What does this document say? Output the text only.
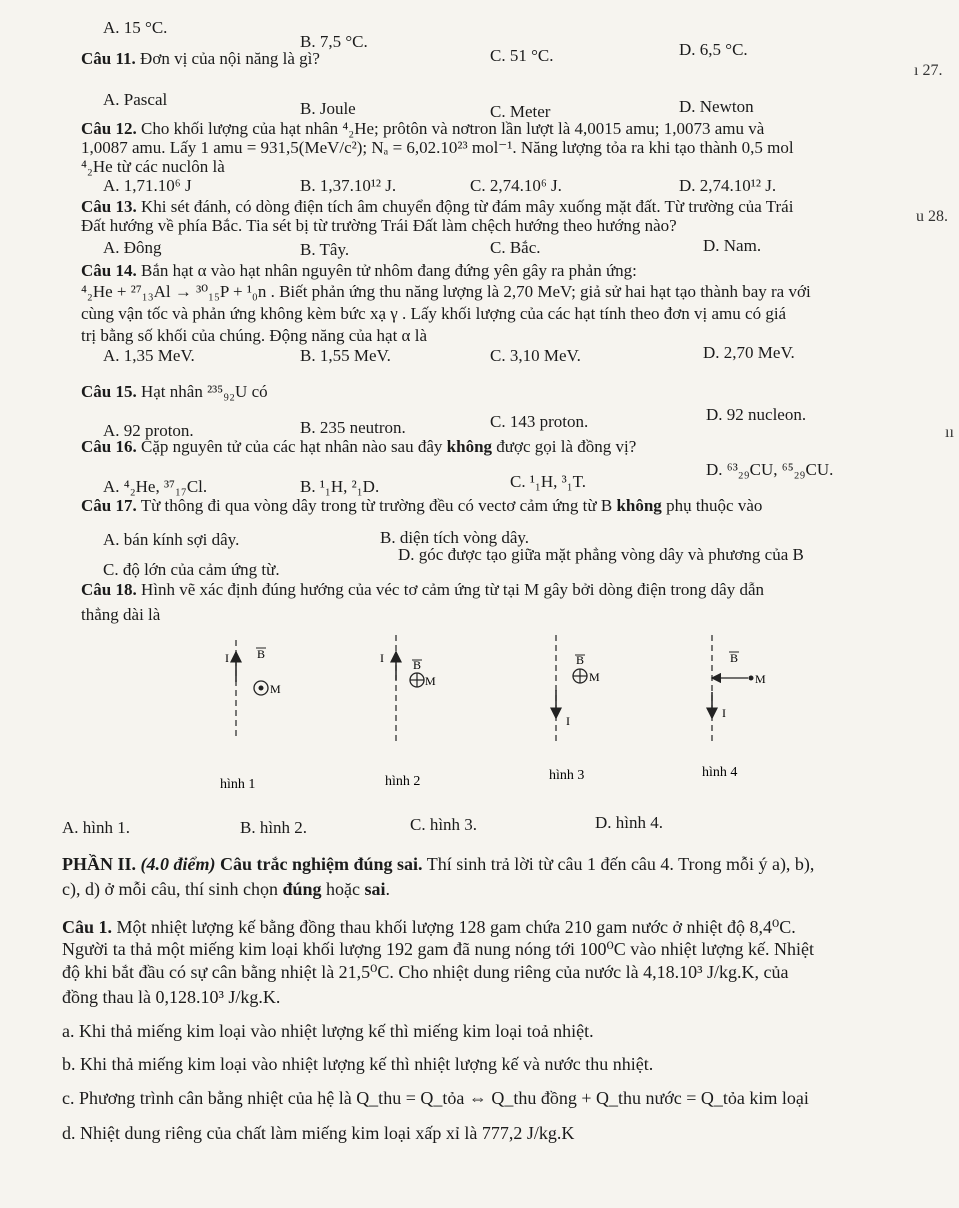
A. 15 °C.
B. 7,5 °C.
C. 51 °C.	D. 6,5 °C.
Câu 11. Đơn vị của nội năng là gì?
ı 27.
A. Pascal	B. Joule	C. Meter	D. Newton
Câu 12. Cho khối lượng của hạt nhân ⁴₂He; prôtôn và nơtron lần lượt là 4,0015 amu; 1,0073 amu và
1,0087 amu. Lấy 1 amu = 931,5(MeV/c²); Nₐ = 6,02.10²³ mol⁻¹. Năng lượng tỏa ra khi tạo thành 0,5 mol
⁴₂He từ các nuclôn là
A. 1,71.10⁶ J	B. 1,37.10¹² J.	C. 2,74.10⁶ J.	D. 2,74.10¹² J.
Câu 13. Khi sét đánh, có dòng điện tích âm chuyển động từ đám mây xuống mặt đất. Từ trường của Trái
u 28.
Đất hướng về phía Bắc. Tia sét bị từ trường Trái Đất làm chệch hướng theo hướng nào?
A. Đông	B. Tây.	C. Bắc.	D. Nam.
Câu 14. Bắn hạt α vào hạt nhân nguyên tử nhôm đang đứng yên gây ra phản ứng:
⁴₂He + ²⁷₁₃Al → ³⁰₁₅P + ¹₀n . Biết phản ứng thu năng lượng là 2,70 MeV; giả sử hai hạt tạo thành bay ra với
cùng vận tốc và phản ứng không kèm bức xạ γ . Lấy khối lượng của các hạt tính theo đơn vị amu có giá
trị bằng số khối của chúng. Động năng của hạt α là
A. 1,35 MeV.	B. 1,55 MeV.	C. 3,10 MeV.	D. 2,70 MeV.
Câu 15. Hạt nhân ²³⁵₉₂U có
A. 92 proton.	B. 235 neutron.	C. 143 proton.	D. 92 nucleon.
ıı
Câu 16. Cặp nguyên tử của các hạt nhân nào sau đây không được gọi là đồng vị?
A. ⁴₂He, ³⁷₁₇Cl.	B. ¹₁H, ²₁D.	C. ¹₁H, ³₁T.
D. ⁶³₂₉CU, ⁶⁵₂₉CU.
Câu 17. Từ thông đi qua vòng dây trong từ trường đều có vectơ cảm ứng từ B không phụ thuộc vào
A. bán kính sợi dây.	B. diện tích vòng dây.
C. độ lớn của cảm ứng từ.
D. góc được tạo giữa mặt phẳng vòng dây và phương của B
Câu 18. Hình vẽ xác định đúng hướng của véc tơ cảm ứng từ tại M gây bởi dòng điện trong dây dẫn
thẳng dài là
I B
M
hình 1
I B
M
hình 2
I
B
M
hình 3
I
B
M
hình 4
A. hình 1.	B. hình 2.	C. hình 3.	D. hình 4.
PHẦN II. (4.0 điểm) Câu trắc nghiệm đúng sai. Thí sinh trả lời từ câu 1 đến câu 4. Trong mỗi ý a), b),
c), d) ở mỗi câu, thí sinh chọn đúng hoặc sai.
Câu 1. Một nhiệt lượng kế bằng đồng thau khối lượng 128 gam chứa 210 gam nước ở nhiệt độ 8,4⁰C.
Người ta thả một miếng kim loại khối lượng 192 gam đã nung nóng tới 100⁰C vào nhiệt lượng kế. Nhiệt
độ khi bắt đầu có sự cân bằng nhiệt là 21,5⁰C. Cho nhiệt dung riêng của nước là 4,18.10³ J/kg.K, của
đồng thau là 0,128.10³ J/kg.K.
a. Khi thả miếng kim loại vào nhiệt lượng kế thì miếng kim loại toả nhiệt.
b. Khi thả miếng kim loại vào nhiệt lượng kế thì nhiệt lượng kế và nước thu nhiệt.
c. Phương trình cân bằng nhiệt của hệ là Q_thu = Q_tỏa ⇔ Q_thu đồng + Q_thu nước = Q_tỏa kim loại
d. Nhiệt dung riêng của chất làm miếng kim loại xấp xỉ là 777,2 J/kg.K
